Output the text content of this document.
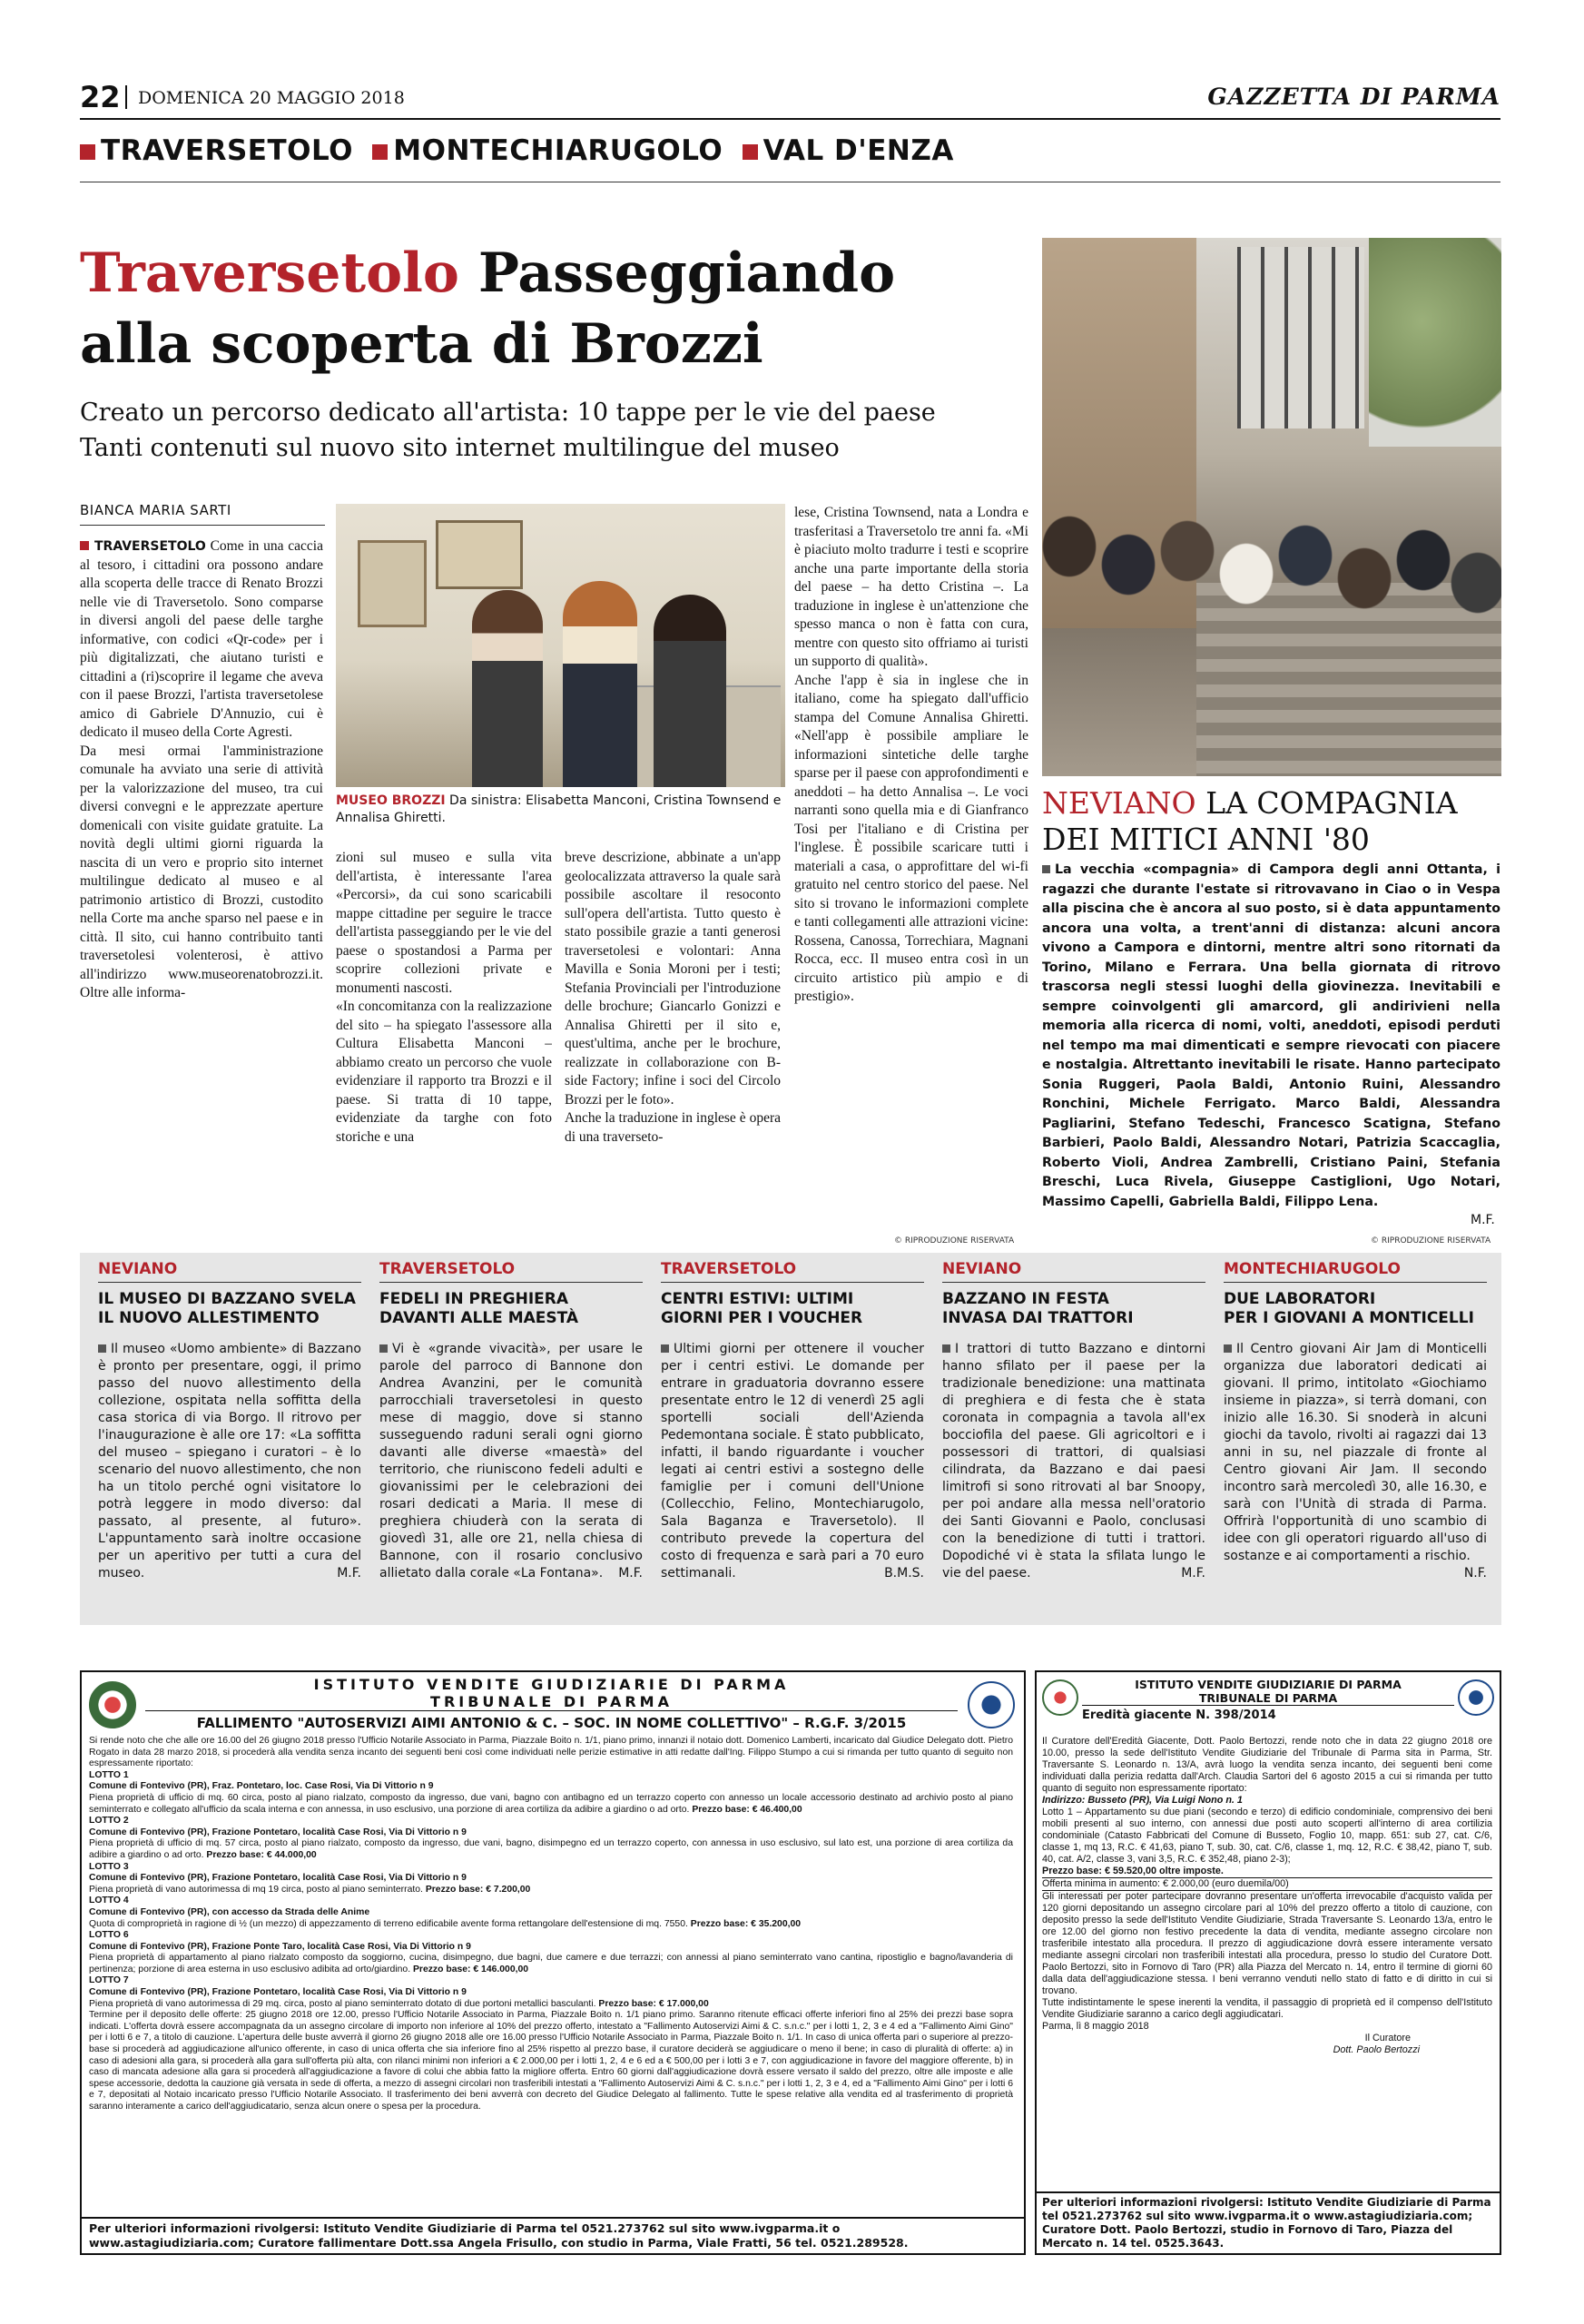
22 DOMENICA 20 MAGGIO 2018	GAZZETTA DI PARMA
TRAVERSETOLO MONTECHIARUGOLO VAL D'ENZA
Traversetolo Passeggiando
alla scoperta di Brozzi
Creato un percorso dedicato all'artista: 10 tappe per le vie del paese
Tanti contenuti sul nuovo sito internet multilingue del museo
BIANCA MARIA SARTI

TRAVERSETOLO Come in una caccia al tesoro, i cittadini ora possono andare alla scoperta delle tracce di Renato Brozzi nelle vie di Traversetolo. Sono comparse in diversi angoli del paese delle targhe informative, con codici «Qr-code» per i più digitalizzati, che aiutano turisti e cittadini a (ri)scoprire il legame che aveva con il paese Brozzi, l'artista traversetolese amico di Gabriele D'Annuzio, cui è dedicato il museo della Corte Agresti.

Da mesi ormai l'amministrazione comunale ha avviato una serie di attività per la valorizzazione del museo, tra cui diversi convegni e le apprezzate aperture domenicali con visite guidate gratuite. La novità degli ultimi giorni riguarda la nascita di un vero e proprio sito internet multilingue dedicato al museo e al patrimonio artistico di Brozzi, custodito nella Corte ma anche sparso nel paese e in città. Il sito, cui hanno contribuito tanti traversetolesi volenterosi, è attivo all'indirizzo www.museorenatobrozzi.it. Oltre alle informa-

MUSEO BROZZI Da sinistra: Elisabetta Manconi, Cristina Townsend e Annalisa Ghiretti.

zioni sul museo e sulla vita dell'artista, è interessante l'area «Percorsi», da cui sono scaricabili mappe cittadine per seguire le tracce dell'artista passeggiando per le vie del paese o spostandosi a Parma per scoprire collezioni private e monumenti nascosti.

«In concomitanza con la realizzazione del sito – ha spiegato l'assessore alla Cultura Elisabetta Manconi – abbiamo creato un percorso che vuole evidenziare il rapporto tra Brozzi e il paese. Si tratta di 10 tappe, evidenziate da targhe con foto storiche e una

breve descrizione, abbinate a un'app geolocalizzata attraverso la quale sarà possibile ascoltare il resoconto sull'opera dell'artista. Tutto questo è stato possibile grazie a tanti generosi traversetolesi e volontari: Anna Mavilla e Sonia Moroni per i testi; Stefania Provinciali per l'introduzione delle brochure; Giancarlo Gonizzi e Annalisa Ghiretti per il sito e, quest'ultima, anche per le brochure, realizzate in collaborazione con B-side Factory; infine i soci del Circolo Brozzi per le foto».

Anche la traduzione in inglese è opera di una traverseto-

lese, Cristina Townsend, nata a Londra e trasferitasi a Traversetolo tre anni fa. «Mi è piaciuto molto tradurre i testi e scoprire anche una parte importante della storia del paese – ha detto Cristina –. La traduzione in inglese è un'attenzione che spesso manca o non è fatta con cura, mentre con questo sito offriamo ai turisti un supporto di qualità».

Anche l'app è sia in inglese che in italiano, come ha spiegato dall'ufficio stampa del Comune Annalisa Ghiretti. «Nell'app è possibile ampliare le informazioni sintetiche delle targhe sparse per il paese con approfondimenti e aneddoti – ha detto Annalisa –. Le voci narranti sono quella mia e di Gianfranco Tosi per l'italiano e di Cristina per l'inglese. È possibile scaricare tutti i materiali a casa, o approfittare del wi-fi gratuito nel centro storico del paese. Nel sito si trovano le informazioni complete e tanti collegamenti alle attrazioni vicine: Rossena, Canossa, Torrechiara, Magnani Rocca, ecc. Il museo entra così in un circuito artistico più ampio e di prestigio».

© RIPRODUZIONE RISERVATA
NEVIANO LA COMPAGNIA
DEI MITICI ANNI '80
La vecchia «compagnia» di Campora degli anni Ottanta, i ragazzi che durante l'estate si ritrovavano in Ciao o in Vespa alla piscina che è ancora al suo posto, si è data appuntamento ancora una volta, a trent'anni di distanza: alcuni ancora vivono a Campora e dintorni, mentre altri sono ritornati da Torino, Milano e Ferrara. Una bella giornata di ritrovo trascorsa negli stessi luoghi della giovinezza. Inevitabili e sempre coinvolgenti gli amarcord, gli andirivieni nella memoria alla ricerca di nomi, volti, aneddoti, episodi perduti nel tempo ma mai dimenticati e sempre rievocati con piacere e nostalgia. Altrettanto inevitabili le risate. Hanno partecipato Sonia Ruggeri, Paola Baldi, Antonio Ruini, Alessandro Ronchini, Michele Ferrigato. Marco Baldi, Alessandra Pagliarini, Stefano Tedeschi, Francesco Scatigna, Stefano Barbieri, Paolo Baldi, Alessandro Notari, Patrizia Scaccaglia, Roberto Violi, Andrea Zambrelli, Cristiano Paini, Stefania Breschi, Luca Rivela, Giuseppe Castiglioni, Ugo Notari, Massimo Capelli, Gabriella Baldi, Filippo Lena.
M.F.
© RIPRODUZIONE RISERVATA
NEVIANO
IL MUSEO DI BAZZANO SVELA
IL NUOVO ALLESTIMENTO
Il museo «Uomo ambiente» di Bazzano è pronto per presentare, oggi, il primo passo del nuovo allestimento della collezione, ospitata nella soffitta della casa storica di via Borgo. Il ritrovo per l'inaugurazione è alle ore 17: «La soffitta del museo – spiegano i curatori – è lo scenario del nuovo allestimento, che non ha un titolo perché ogni visitatore lo potrà leggere in modo diverso: dal passato, al presente, al futuro». L'appuntamento sarà inoltre occasione per un aperitivo per tutti a cura del museo.	M.F.
TRAVERSETOLO
FEDELI IN PREGHIERA
DAVANTI ALLE MAESTÀ
Vi è «grande vivacità», per usare le parole del parroco di Bannone don Andrea Avanzini, per le comunità parrocchiali traversetolesi in questo mese di maggio, dove si stanno susseguendo raduni serali ogni giorno davanti alle diverse «maestà» del territorio, che riuniscono fedeli adulti e giovanissimi per le celebrazioni dei rosari dedicati a Maria. Il mese di preghiera chiuderà con la serata di giovedì 31, alle ore 21, nella chiesa di Bannone, con il rosario conclusivo allietato dalla corale «La Fontana». M.F.
TRAVERSETOLO
CENTRI ESTIVI: ULTIMI
GIORNI PER I VOUCHER
Ultimi giorni per ottenere il voucher per i centri estivi. Le domande per entrare in graduatoria dovranno essere presentate entro le 12 di venerdì 25 agli sportelli sociali dell'Azienda Pedemontana sociale. È stato pubblicato, infatti, il bando riguardante i voucher legati ai centri estivi a sostegno delle famiglie per i comuni dell'Unione (Collecchio, Felino, Montechiarugolo, Sala Baganza e Traversetolo). Il contributo prevede la copertura del costo di frequenza e sarà pari a 70 euro settimanali.	B.M.S.
NEVIANO
BAZZANO IN FESTA
INVASA DAI TRATTORI
I trattori di tutto Bazzano e dintorni hanno sfilato per il paese per la tradizionale benedizione: una mattinata di preghiera e di festa che è stata coronata in compagnia a tavola all'ex bocciofila del paese. Gli agricoltori e i possessori di trattori, di qualsiasi cilindrata, da Bazzano e dai paesi limitrofi si sono ritrovati al bar Snoopy, per poi andare alla messa nell'oratorio dei Santi Giovanni e Paolo, conclusasi con la benedizione di tutti i trattori. Dopodiché vi è stata la sfilata lungo le vie del paese.	M.F.
MONTECHIARUGOLO
DUE LABORATORI
PER I GIOVANI A MONTICELLI
Il Centro giovani Air Jam di Monticelli organizza due laboratori dedicati ai giovani. Il primo, intitolato «Giochiamo insieme in piazza», si terrà domani, con inizio alle 16.30. Si snoderà in alcuni giochi da tavolo, rivolti ai ragazzi dai 13 anni in su, nel piazzale di fronte al Centro giovani Air Jam. Il secondo incontro sarà mercoledì 30, alle 16.30, e sarà con l'Unità di strada di Parma. Offrirà l'opportunità di uno scambio di idee con gli operatori riguardo all'uso di sostanze e ai comportamenti a rischio.
N.F.
ISTITUTO VENDITE GIUDIZIARIE DI PARMA
TRIBUNALE DI PARMA
FALLIMENTO "AUTOSERVIZI AIMI ANTONIO & C. – SOC. IN NOME COLLETTIVO" – R.G.F. 3/2015
Si rende noto che che alle ore 16.00 del 26 giugno 2018 presso l'Ufficio Notarile Associato in Parma, Piazzale Boito n. 1/1, piano primo, innanzi il notaio dott. Domenico Lamberti, incaricato dal Giudice Delegato dott. Pietro Rogato in data 28 marzo 2018, si procederà alla vendita senza incanto dei seguenti beni così come individuati nelle perizie estimative in atti redatte dall'Ing. Filippo Stumpo a cui si rimanda per tutto quanto di seguito non espressamente riportato:
LOTTO 1
Comune di Fontevivo (PR), Fraz. Pontetaro, loc. Case Rosi, Via Di Vittorio n 9
Piena proprietà di ufficio di mq. 60 circa, posto al piano rialzato, composto da ingresso, due vani, bagno con antibagno ed un terrazzo coperto con annesso un locale accessorio destinato ad archivio posto al piano seminterrato e collegato all'ufficio da scala interna e con annessa, in uso esclusivo, una porzione di area cortiliza da adibire a giardino o ad orto. Prezzo base: € 46.400,00
LOTTO 2
Comune di Fontevivo (PR), Frazione Pontetaro, località Case Rosi, Via Di Vittorio n 9
Piena proprietà di ufficio di mq. 57 circa, posto al piano rialzato, composto da ingresso, due vani, bagno, disimpegno ed un terrazzo coperto, con annessa in uso esclusivo, sul lato est, una porzione di area cortiliza da adibire a giardino o ad orto. Prezzo base: € 44.000,00
LOTTO 3
Comune di Fontevivo (PR), Frazione Pontetaro, località Case Rosi, Via Di Vittorio n 9
Piena proprietà di vano autorimessa di mq 19 circa, posto al piano seminterrato. Prezzo base: € 7.200,00
LOTTO 4
Comune di Fontevivo (PR), con accesso da Strada delle Anime
Quota di comproprietà in ragione di ½ (un mezzo) di appezzamento di terreno edificabile avente forma rettangolare dell'estensione di mq. 7550. Prezzo base: € 35.200,00
LOTTO 6
Comune di Fontevivo (PR), Frazione Ponte Taro, località Case Rosi, Via Di Vittorio n 9
Piena proprietà di appartamento al piano rialzato composto da soggiorno, cucina, disimpegno, due bagni, due camere e due terrazzi; con annessi al piano seminterrato vano cantina, ripostiglio e bagno/lavanderia di pertinenza; porzione di area esterna in uso esclusivo adibita ad orto/giardino. Prezzo base: € 146.000,00
LOTTO 7
Comune di Fontevivo (PR), Frazione Pontetaro, località Case Rosi, Via Di Vittorio n 9
Piena proprietà di vano autorimessa di 29 mq. circa, posto al piano seminterrato dotato di due portoni metallici basculanti. Prezzo base: € 17.000,00
Termine per il deposito delle offerte: 25 giugno 2018 ore 12.00, presso l'Ufficio Notarile Associato in Parma, Piazzale Boito n. 1/1 piano primo. Saranno ritenute efficaci offerte inferiori fino al 25% dei prezzi base sopra indicati. L'offerta dovrà essere accompagnata da un assegno circolare di importo non inferiore al 10% del prezzo offerto, intestato a "Fallimento Autoservizi Aimi & C. s.n.c." per i lotti 1, 2, 3 e 4 ed a "Fallimento Aimi Gino" per i lotti 6 e 7, a titolo di cauzione. L'apertura delle buste avverrà il giorno 26 giugno 2018 alle ore 16.00 presso l'Ufficio Notarile Associato in Parma, Piazzale Boito n. 1/1. In caso di unica offerta pari o superiore al prezzo-base si procederà ad aggiudicazione all'unico offerente, in caso di unica offerta che sia inferiore fino al 25% rispetto al prezzo base, il curatore deciderà se aggiudicare o meno il bene; in caso di pluralità di offerte: a) in caso di adesioni alla gara, si procederà alla gara sull'offerta più alta, con rilanci minimi non inferiori a € 2.000,00 per i lotti 1, 2, 4 e 6 ed a € 500,00 per i lotti 3 e 7, con aggiudicazione in favore del maggiore offerente, b) in caso di mancata adesione alla gara si procederà all'aggiudicazione a favore di colui che abbia fatto la migliore offerta. Entro 60 giorni dall'aggiudicazione dovrà essere versato il saldo del prezzo, oltre alle imposte e alle spese accessorie, dedotta la cauzione già versata in sede di offerta, a mezzo di assegni circolari non trasferibili intestati a "Fallimento Autoservizi Aimi & C. s.n.c." per i lotti 1, 2, 3 e 4, ed a "Fallimento Aimi Gino" per i lotti 6 e 7, depositati al Notaio incaricato presso l'Ufficio Notarile Associato. Il trasferimento dei beni avverrà con decreto del Giudice Delegato al fallimento. Tutte le spese relative alla vendita ed al trasferimento di proprietà saranno interamente a carico dell'aggiudicatario, senza alcun onere o spesa per la procedura.
Per ulteriori informazioni rivolgersi: Istituto Vendite Giudiziarie di Parma tel 0521.273762 sul sito www.ivgparma.it o
www.astagiudiziaria.com; Curatore fallimentare Dott.ssa Angela Frisullo, con studio in Parma, Viale Fratti, 56 tel. 0521.289528.
ISTITUTO VENDITE GIUDIZIARIE DI PARMA
TRIBUNALE DI PARMA
Eredità giacente N. 398/2014
Il Curatore dell'Eredità Giacente, Dott. Paolo Bertozzi, rende noto che in data 22 giugno 2018 ore 10.00, presso la sede dell'Istituto Vendite Giudiziarie del Tribunale di Parma sita in Parma, Str. Traversante S. Leonardo n. 13/A, avrà luogo la vendita senza incanto, dei seguenti beni come individuati dalla perizia redatta dall'Arch. Claudia Sartori del 6 agosto 2015 a cui si rimanda per tutto quanto di seguito non espressamente riportato:
Indirizzo: Busseto (PR), Via Luigi Nono n. 1
Lotto 1 – Appartamento su due piani (secondo e terzo) di edificio condominiale, comprensivo dei beni mobili presenti al suo interno, con annessi due posti auto scoperti all'interno di area cortilizia condominiale (Catasto Fabbricati del Comune di Busseto, Foglio 10, mapp. 651: sub 27, cat. C/6, classe 1, mq 13, R.C. € 41,63, piano T, sub. 30, cat. C/6, classe 1, mq. 12, R.C. € 38,42, piano T, sub. 40, cat. A/2, classe 3, vani 3,5, R.C. € 352,48, piano 2-3);
Prezzo base: € 59.520,00 oltre imposte.
Offerta minima in aumento: € 2.000,00 (euro duemila/00)
Gli interessati per poter partecipare dovranno presentare un'offerta irrevocabile d'acquisto valida per 120 giorni depositando un assegno circolare pari al 10% del prezzo offerto a titolo di cauzione, con deposito presso la sede dell'Istituto Vendite Giudiziarie, Strada Traversante S. Leonardo 13/a, entro le ore 12.00 del giorno non festivo precedente la data di vendita, mediante assegno circolare non trasferibile intestato alla procedura. Il prezzo di aggiudicazione dovrà essere interamente versato mediante assegni circolari non trasferibili intestati alla procedura, presso lo studio del Curatore Dott. Paolo Bertozzi, sito in Fornovo di Taro (PR) alla Piazza del Mercato n. 14, entro il termine di giorni 60 dalla data dell'aggiudicazione stessa. I beni verranno venduti nello stato di fatto e di diritto in cui si trovano.
Tutte indistintamente le spese inerenti la vendita, il passaggio di proprietà ed il compenso dell'Istituto Vendite Giudiziarie saranno a carico degli aggiudicatari.
Parma, lì 8 maggio 2018
Il Curatore
Dott. Paolo Bertozzi
Per ulteriori informazioni rivolgersi: Istituto Vendite Giudiziarie di Parma tel 0521.273762 sul sito www.ivgparma.it o www.astagiudiziaria.com; Curatore Dott. Paolo Bertozzi, studio in Fornovo di Taro, Piazza del Mercato n. 14 tel. 0525.3643.
